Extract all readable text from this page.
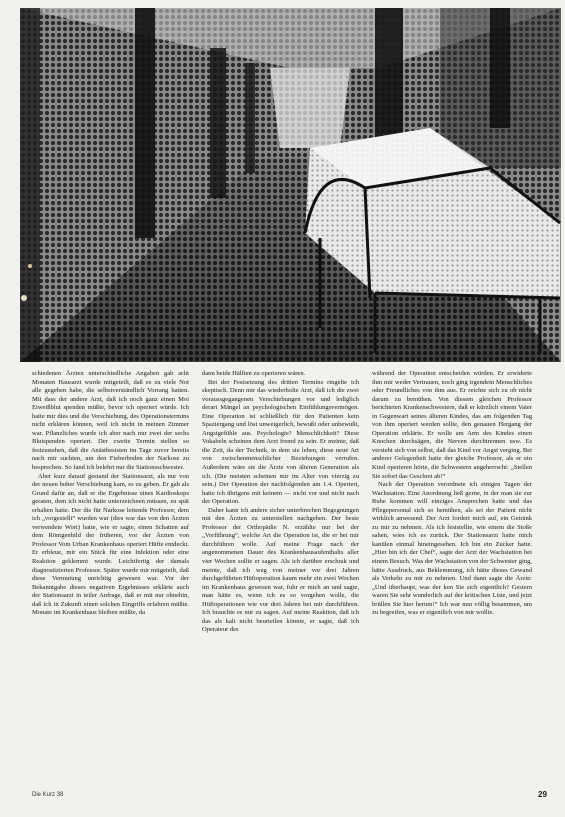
schiedenen Ärzten unterschiedliche Angaben gab acht Monaten Hausarzt wurde mitgeteilt, daß es zu viele Not alle gegeben habe, die selbstverständlich Vorrang hatten. Mit dass der andere Arzt, daß ich noch ganz einen Moi Eiweißblut spenden müßte, bevor ich operiert würde. Ich hatte mir dies und die Verschiebung, des Operationstermins nicht erklären können, weil ich nicht in meinen Zimmer war. Pflanzliches wurde ich aber nach nur zwei der sechs Blutspenden operiert. Der zweite Termin stellen so festzustehen, daß die Anästhesisten im Tage zuvor bereits nach mir suchten, um den Fieberboden der Narkose zu besprechen. So fand ich belehrt nur die Stationsschwester.

Aber kurz darauf gestand der Stationsarzt, als nur von der neuen hoher Verschiebung kam, es zu geben. Er gab als Grund dafür an, daß er die Ergebnisse eines Kardioskops geraten, dem ich nicht hatte unterzeichnen müssen, zu spät erhalten hatte. Der die für Narkose leitende Professor, dem ich „vorgestellt“ wurden war (dies war das von den Ärzten verwendete Wort) hatte, wie er sagte, einen Schatten auf dem Röntgenbild der früheren, vor der Ärzten von Professor Vom Urban Krankenhaus operiert Hüfte entdeckt. Er erbleue, mir ein Stück für eine Infektion oder eine Reaktion geklemmt wurde. Leichtfertig der damals diagnostizierten Professor. Später wurde mir mitgeteilt, daß diese Vermutung unrichtig gewesen war. Vor der Bekanntgabe dieses negativen Ergebnisses erklärte auch der Stationsarzt in teiler Anfrage, daß er mit nur ohnehin, daß ich in Zukunft einen solchen Eingriffs erfahren müßte. Monate im Krankenhaus bleiben müßte, da

dann beide Hälften zu operieren wären.

Bei der Festsetzung des dritten Termins ringelte ich skeptisch. Denn mir das wiederholte Arzt, daß ich die zwei voraussgegangenen Verschiebungen vor und lediglich derart Mängel an psychologischen Einfühlungsvermögen. Eine Operation ist schließlich für den Patienten kein Spaziergang und löst unweigerlich, bewußt oder unbewußt, Angstgefühle aus. Psychologie? Menschlichkeit? Diese Vokabeln scheinen dem Arzt fremd zu sein. Er meinte, daß die Zeit, da der Technik, in dem sie leben, diese neue Art von zwischenmenschlicher Beziehungen verrufen. Außerdem wäre sie die Ärzte von älteren Generation als ich. (Die meisten scheinen mir im Alter von vierzig zu sein.) Der Operation der nachfolgenden am 1.4. Operiert, hatte ich übrigens mit keinem — nicht vor und nicht nach der Operation.

Daher kann ich andere sicher unterbrechen Begegnungen mit den Ärzten zu unterstellen nachgehen. Der beste Professor der Orthopädie N. erzählte nur bei der „Vorführung“, welche Art die Operation ist, die er bei mir durchführen wolle. Auf meine Frage nach der angenommenen Dauer des Krankenhausaufenthalts aller vier Wochen sollte er sagen. Als ich darüber erschrak und meinte, daß ich weg von meiner vor drei Jahren durchgeführten Hüftoperation kaum mehr ein zwei Wochen im Krankenhaus gewesen war, fuhr er mich an und sagte, man hätte es, wenn ich es so vorgehen wolle, die Hüftoperationen wie vor drei Jahren bei mir durchführen. Ich brauchte es nur zu sagen. Auf meine Reaktion, daß ich das als kalt nicht beurteilen könnte, er sagte, daß ich Operateur des

während der Operation entscheiden würden. Er erwiderte ihm mir weder Vertrauen, noch ging irgendein Menschliches oder Freundliches von ihm aus. Er reichte sich zu ob nicht darum zu bemühen. Von diesem gleichen Professor berichteten Krankenschwestern, daß er kürzlich einem Vater in Gegenwart seines älteren Kindes, das am folgenden Tag von ihm operiert werden sollte, den genauen Hergang der Operation erklärte. Er wolle am Arm des Kindes einen Knochen durchsägen, die Nerven durchtrennen usw. Es versteht sich von selbst, daß das Kind vor Angst verging. Bei anderer Gelegenheit hatte der gleiche Professor, als er ein Kind operieren hörte, die Schwestern angeherrscht: „Stellen Sie sofort das Geschrei ab!“

Nach der Operation verordnete ich einigen Tagen der Wachstation. Eine Anordnung ließ gerne, in der man sie zur Ruhe kommen will einziges Ansprechen hatte und das Pflegepersonal sich so bemühen, als sei der Patient nicht wirklich anwesend. Der Arzt fordert mich auf, ein Getränk zu mir zu nehmen. Als ich feststellte, wie einem die Stoße sahen, wies ich es zurück. Der Stationsarzt hatte mich kanülen einmal hineingesehen. Ich bin ein Zucker hatte. „Hier bin ich der Chef“, sagte der Arzt der Wachstation bei einem Besuch. Was der Wachstation von der Schwester ging, hätte Ausdruck, aus Beklemmung, ich hätte dieses Gewand als Verkehr zu mir zu nehmen. Und dann sagte die Ärzte: „Und überhaupt, was der ken Sie sich eigentlich? Gestern waren Sie sehr wunderlich auf der kritischen Liste, und jetzt brüllen Sie hier herum!“ Ich war nun völlig besammen, um zu begreifen, was er eigentlich von mir wollte.

Die Kurz 38	29
